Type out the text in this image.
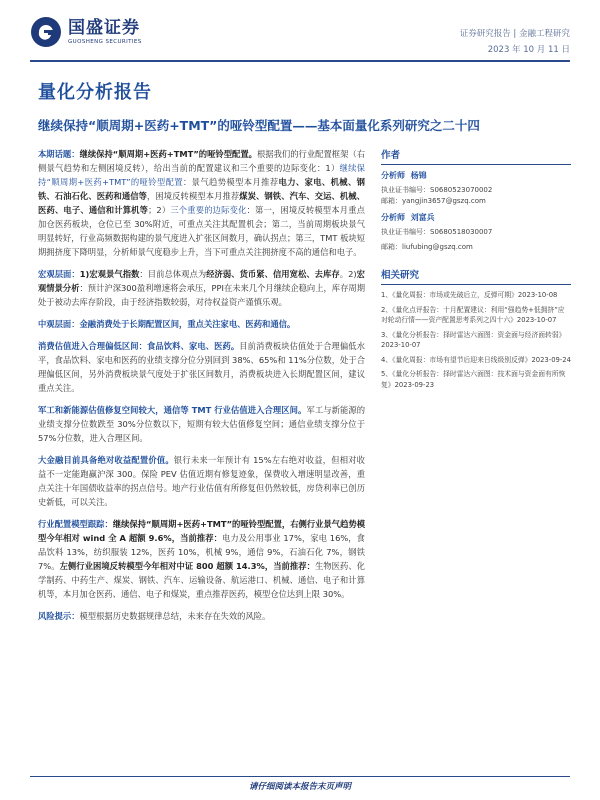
国盛证券
GUOSHENG SECURITIES
证券研究报告 | 金融工程研究
2023 年 10 月 11 日
量化分析报告
继续保持“顺周期+医药+TMT”的哑铃型配置——基本面量化系列研究之二十四

本期话题：继续保持“顺周期+医药+TMT”的哑铃型配置。根据我们的行业配置框架（右侧景气趋势和左侧困境反转），给出当前的配置建议和三个重要的边际变化：1）继续保持“顺周期+医药+TMT”的哑铃型配置：景气趋势模型本月推荐电力、家电、机械、钢铁、石油石化、医药和通信等，困境反转模型本月推荐煤炭、钢铁、汽车、交运、机械、医药、电子、通信和计算机等；2）三个重要的边际变化：第一，困境反转模型本月重点加仓医药板块，仓位已至 30%附近，可重点关注其配置机会；第二，当前周期板块景气明显转好，行业高频数据构建的景气度进入扩张区间数月，确认拐点；第三，TMT 板块短期拥挤度下降明显，分析师景气度稳步上升，当下可重点关注拥挤度不高的通信和电子。

宏观层面：1)宏观景气指数：目前总体观点为经济弱、货币紧、信用宽松、去库存。2)宏观情景分析：预计沪深300盈利增速将会承压，PPI在未来几个月继续企稳向上，库存周期处于被动去库存阶段，由于经济指数较弱，对待权益资产谨慎乐观。

中观层面：金融消费处于长期配置区间，重点关注家电、医药和通信。

消费估值进入合理偏低区间：食品饮料、家电、医药。目前消费板块估值处于合理偏低水平，食品饮料、家电和医药的业绩支撑分位分别回到 38%、65%和 11%分位数，处于合理偏低区间，另外消费板块景气度处于扩张区间数月，消费板块进入长期配置区间，建议重点关注。

军工和新能源估值修复空间较大，通信等 TMT 行业估值进入合理区间。军工与新能源的业绩支撑分位数跌至 30%分位数以下，短期有较大估值修复空间；通信业绩支撑分位于 57%分位数，进入合理区间。

大金融目前具备绝对收益配置价值。银行未来一年预计有 15%左右绝对收益，但相对收益不一定能跑赢沪深 300。保险 PEV 估值近期有修复迹象，保费收入增速明显改善，重点关注十年国债收益率的拐点信号。地产行业估值有所修复但仍然较低，房贷利率已创历史新低，可以关注。

行业配置模型跟踪：继续保持“顺周期+医药+TMT”的哑铃型配置，右侧行业景气趋势模型今年相对 wind 全 A 超额 9.6%，当前推荐：电力及公用事业 17%，家电 16%，食品饮料 13%，纺织服装 12%，医药 10%，机械 9%，通信 9%，石油石化 7%，钢铁 7%。左侧行业困境反转模型今年相对中证 800 超额 14.3%，当前推荐：生物医药、化学制药、中药生产、煤炭、钢铁、汽车、运输设备、航运港口、机械、通信、电子和计算机等，本月加仓医药、通信、电子和煤炭，重点推荐医药，模型仓位达到上限 30%。

风险提示：模型根据历史数据规律总结，未来存在失效的风险。

作者
分析师 杨锦
执业证书编号：S0680523070002
邮箱：yangjin3657@gszq.com
分析师 刘富兵
执业证书编号：S0680518030007
邮箱：liufubing@gszq.com
相关研究
1、《量化周报：市场或先破后立，反弹可期》2023-10-08
2、《量化点评报告：十月配置建议：利用“强趋势+低拥挤”应对轮动行情——资产配置思考系列之四十六》2023-10-07
3、《量化分析报告：择时雷达六面图：资金面与经济面转弱》2023-10-07
4、《量化周报：市场有望节后迎来日线级别反弹》2023-09-24
5、《量化分析报告：择时雷达六面图：技术面与资金面有所恢复》2023-09-23
请仔细阅读本报告末页声明
